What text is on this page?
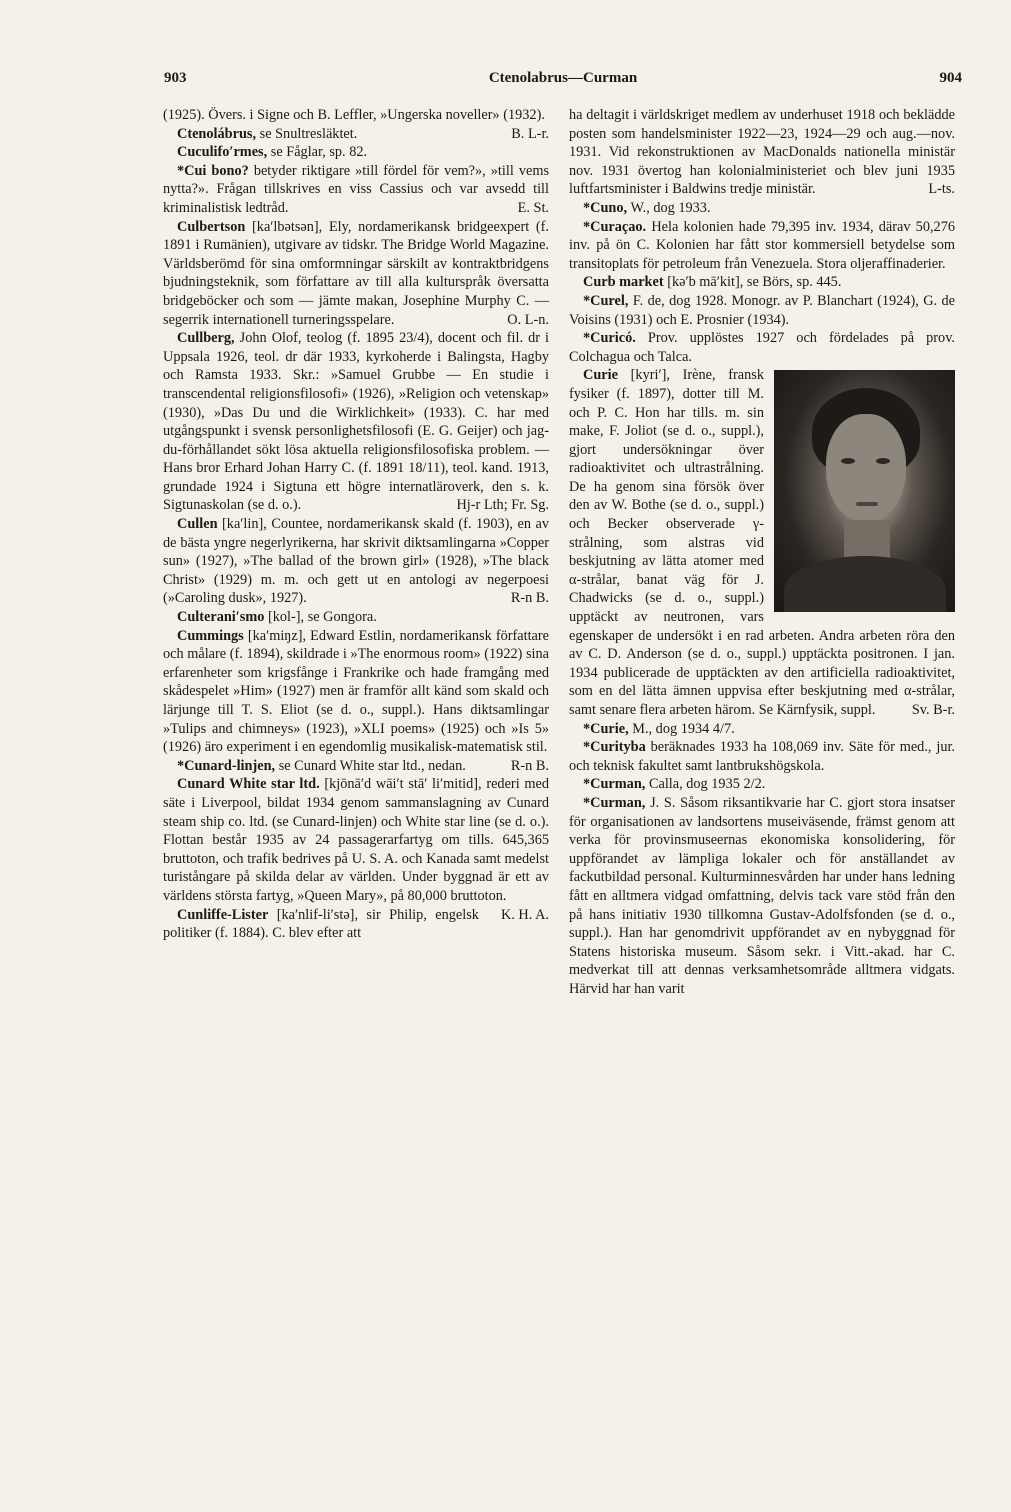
903	Ctenolabrus—Curman	904

(1925). Övers. i Signe och B. Leffler, »Ungerska noveller» (1932).
B. L-r.

Ctenolábrus, se Snultresläktet.

Cuculifo′rmes, se Fåglar, sp. 82.

*Cui bono? betyder riktigare »till fördel för vem?», »till vems nytta?». Frågan tillskrives en viss Cassius och var avsedd till kriminalistisk ledtråd.	E. St.

Culbertson [ka′lbətsən], Ely, nordamerikansk bridgeexpert (f. 1891 i Rumänien), utgivare av tidskr. The Bridge World Magazine. Världsberömd för sina omformningar särskilt av kontraktbridgens bjudningsteknik, som författare av till alla kulturspråk översatta bridgeböcker och som — jämte makan, Josephine Murphy C. — segerrik internationell turneringsspelare.	O. L-n.

Cullberg, John Olof, teolog (f. 1895 23/4), docent och fil. dr i Uppsala 1926, teol. dr där 1933, kyrkoherde i Balingsta, Hagby och Ramsta 1933. Skr.: »Samuel Grubbe — En studie i transcendental religionsfilosofi» (1926), »Religion och vetenskap» (1930), »Das Du und die Wirklichkeit» (1933). C. har med utgångspunkt i svensk personlighetsfilosofi (E. G. Geijer) och jag-du-förhållandet sökt lösa aktuella religionsfilosofiska problem. — Hans bror Erhard Johan Harry C. (f. 1891 18/11), teol. kand. 1913, grundade 1924 i Sigtuna ett högre internatläroverk, den s. k. Sigtunaskolan (se d. o.).	Hj-r Lth; Fr. Sg.

Cullen [ka′lin], Countee, nordamerikansk skald (f. 1903), en av de bästa yngre negerlyrikerna, har skrivit diktsamlingarna »Copper sun» (1927), »The ballad of the brown girl» (1928), »The black Christ» (1929) m. m. och gett ut en antologi av negerpoesi (»Caroling dusk», 1927).	R-n B.

Culterani′smo [kol-], se Gongora.

Cummings [ka′miŋz], Edward Estlin, nordamerikansk författare och målare (f. 1894), skildrade i »The enormous room» (1922) sina erfarenheter som krigsfånge i Frankrike och hade framgång med skådespelet »Him» (1927) men är framför allt känd som skald och lärjunge till T. S. Eliot (se d. o., suppl.). Hans diktsamlingar »Tulips and chimneys» (1923), »XLI poems» (1925) och »Is 5» (1926) äro experiment i en egendomlig musikalisk-matematisk stil.
R-n B.

*Cunard-linjen, se Cunard White star ltd., nedan.

Cunard White star ltd. [kjōnā′d wāi′t stā′ li′mitid], rederi med säte i Liverpool, bildat 1934 genom sammanslagning av Cunard steam ship co. ltd. (se Cunard-linjen) och White star line (se d. o.). Flottan består 1935 av 24 passagerarfartyg om tills. 645,365 bruttoton, och trafik bedrives på U. S. A. och Kanada samt medelst turistångare på skilda delar av världen. Under byggnad är ett av världens största fartyg, »Queen Mary», på 80,000 bruttoton.
K. H. A.

Cunliffe-Lister [ka′nlif-li′stə], sir Philip, engelsk politiker (f. 1884). C. blev efter att

ha deltagit i världskriget medlem av underhuset 1918 och beklädde posten som handelsminister 1922—23, 1924—29 och aug.—nov. 1931. Vid rekonstruktionen av MacDonalds nationella ministär nov. 1931 övertog han kolonialministeriet och blev juni 1935 luftfartsminister i Baldwins tredje ministär.	L-ts.

*Cuno, W., dog 1933.

*Curaçao. Hela kolonien hade 79,395 inv. 1934, därav 50,276 inv. på ön C. Kolonien har fått stor kommersiell betydelse som transitoplats för petroleum från Venezuela. Stora oljeraffinaderier.

Curb market [kə′b mā′kit], se Börs, sp. 445.

*Curel, F. de, dog 1928. Monogr. av P. Blanchart (1924), G. de Voisins (1931) och E. Prosnier (1934).

*Curicó. Prov. upplöstes 1927 och fördelades på prov. Colchagua och Talca.

Curie [kyri′], Irène, fransk fysiker (f. 1897), dotter till M. och P. C. Hon har tills. m. sin make, F. Joliot (se d. o., suppl.), gjort undersökningar över radioaktivitet och ultrastrålning. De ha genom sina försök över den av W. Bothe (se d. o., suppl.) och Becker observerade γ-strålning, som alstras vid beskjutning av lätta atomer med α-strålar, banat väg för J. Chadwicks (se d. o., suppl.) upptäckt av neutronen, vars egenskaper de undersökt i en rad arbeten. Andra arbeten röra den av C. D. Anderson (se d. o., suppl.) upptäckta positronen. I jan. 1934 publicerade de upptäckten av den artificiella radioaktivitet, som en del lätta ämnen uppvisa efter beskjutning med α-strålar, samt senare flera arbeten härom. Se Kärnfysik, suppl.	Sv. B-r.

*Curie, M., dog 1934 4/7.

*Curityba beräknades 1933 ha 108,069 inv. Säte för med., jur. och teknisk fakultet samt lantbrukshögskola.

*Curman, Calla, dog 1935 2/2.

*Curman, J. S. Såsom riksantikvarie har C. gjort stora insatser för organisationen av landsortens museiväsende, främst genom att verka för provinsmuseernas ekonomiska konsolidering, för uppförandet av lämpliga lokaler och för anställandet av fackutbildad personal. Kulturminnesvården har under hans ledning fått en alltmera vidgad omfattning, delvis tack vare stöd från den på hans initiativ 1930 tillkomna Gustav-Adolfsfonden (se d. o., suppl.). Han har genomdrivit uppförandet av en nybyggnad för Statens historiska museum. Såsom sekr. i Vitt.-akad. har C. medverkat till att dennas verksamhetsområde alltmera vidgats. Härvid har han varit
